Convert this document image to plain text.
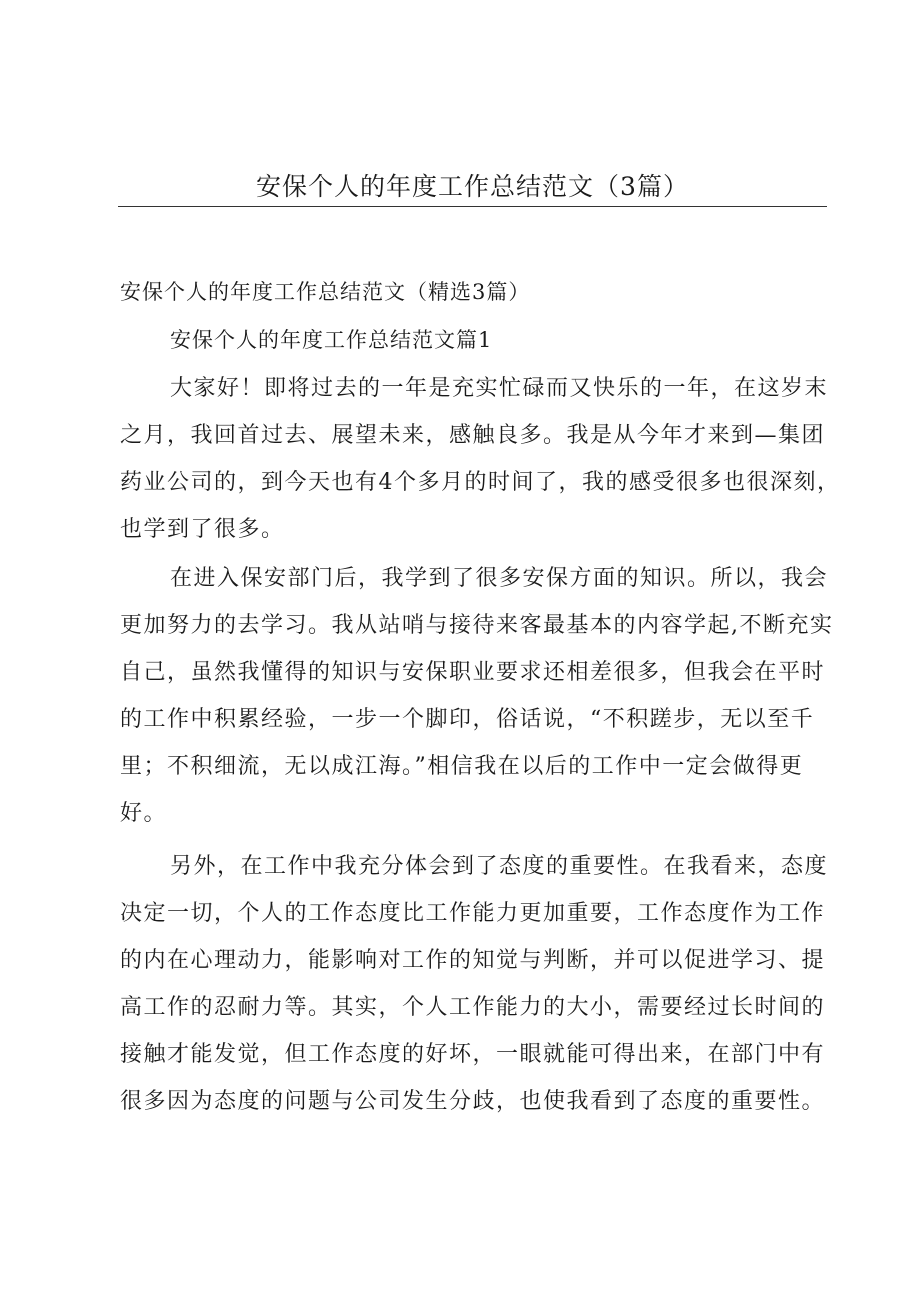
安保个人的年度工作总结范文（3篇）
安保个人的年度工作总结范文（精选3篇）
安保个人的年度工作总结范文篇1
大家好！即将过去的一年是充实忙碌而又快乐的一年，在这岁末
之月，我回首过去、展望未来，感触良多。我是从今年才来到—集团
药业公司的，到今天也有4个多月的时间了，我的感受很多也很深刻，
也学到了很多。
在进入保安部门后，我学到了很多安保方面的知识。所以，我会
更加努力的去学习。我从站哨与接待来客最基本的内容学起,不断充实
自己，虽然我懂得的知识与安保职业要求还相差很多，但我会在平时
的工作中积累经验，一步一个脚印，俗话说，“不积蹉步，无以至千
里；不积细流，无以成江海。”相信我在以后的工作中一定会做得更
好。
另外，在工作中我充分体会到了态度的重要性。在我看来，态度
决定一切，个人的工作态度比工作能力更加重要，工作态度作为工作
的内在心理动力，能影响对工作的知觉与判断，并可以促进学习、提
高工作的忍耐力等。其实，个人工作能力的大小，需要经过长时间的
接触才能发觉，但工作态度的好坏，一眼就能可得出来，在部门中有
很多因为态度的问题与公司发生分歧，也使我看到了态度的重要性。
